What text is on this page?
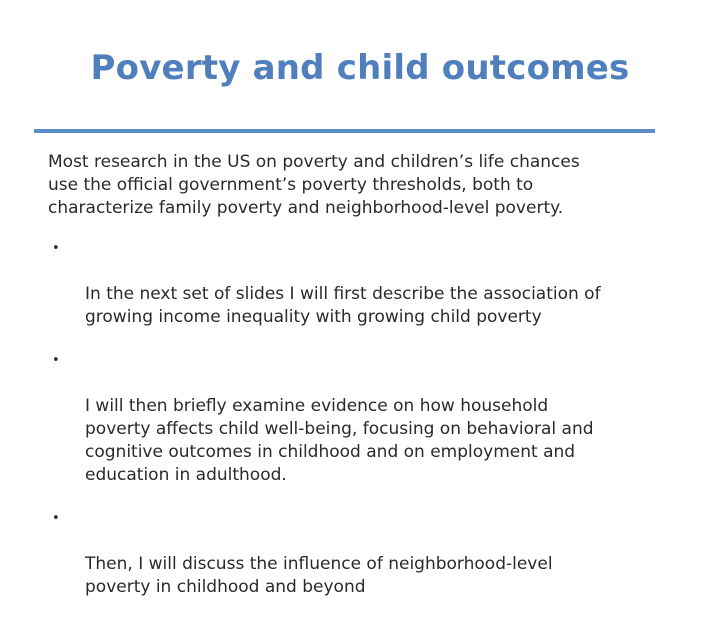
Poverty and child outcomes
Most research in the US on poverty and children’s life chances
use the official government’s poverty thresholds, both to
characterize family poverty and neighborhood-level poverty.

•

In the next set of slides I will first describe the association of
growing income inequality with growing child poverty

•

I will then briefly examine evidence on how household
poverty affects child well-being, focusing on behavioral and
cognitive outcomes in childhood and on employment and
education in adulthood.

•

Then, I will discuss the influence of neighborhood-level
poverty in childhood and beyond
